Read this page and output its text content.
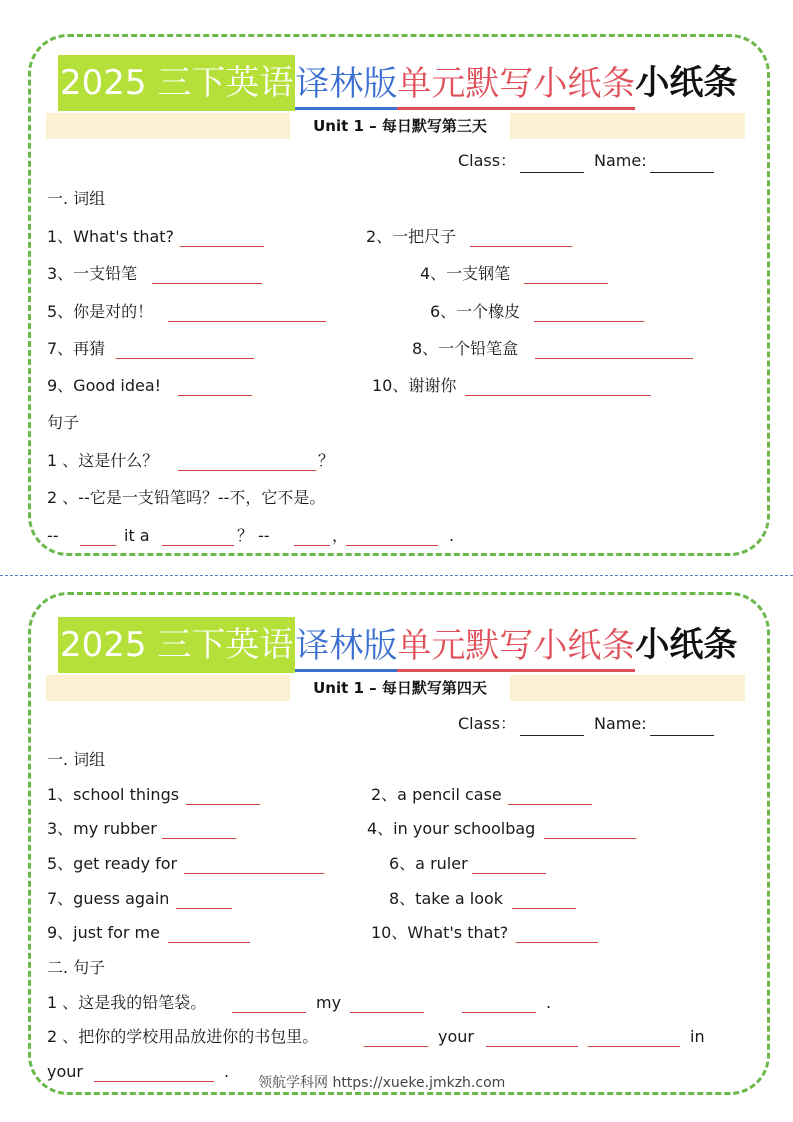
2025 三下英语 译林版 单元默写小纸条 小纸条
Unit 1 – 每日默写第三天
Class：	Name:
一. 词组
1、What's that?	2、一把尺子
3、一支铅笔	4、一支钢笔
5、你是对的！	6、一个橡皮
7、再猜	8、一个铅笔盒
9、Good idea!	10、谢谢你
句子
1 、这是什么？	？
2 、--它是一支铅笔吗？--不，它不是。
--	it a	？ --	，	.
2025 三下英语 译林版 单元默写小纸条 小纸条
Unit 1 – 每日默写第四天
Class：	Name:
一. 词组
1、school things	2、a pencil case
3、my rubber	4、in your schoolbag
5、get ready for	6、a ruler
7、guess again	8、take a look
9、just for me	10、What's that?
二. 句子
1 、这是我的铅笔袋。	my	.
2 、把你的学校用品放进你的书包里。	your	in
your	.
领航学科网 https://xueke.jmkzh.com
